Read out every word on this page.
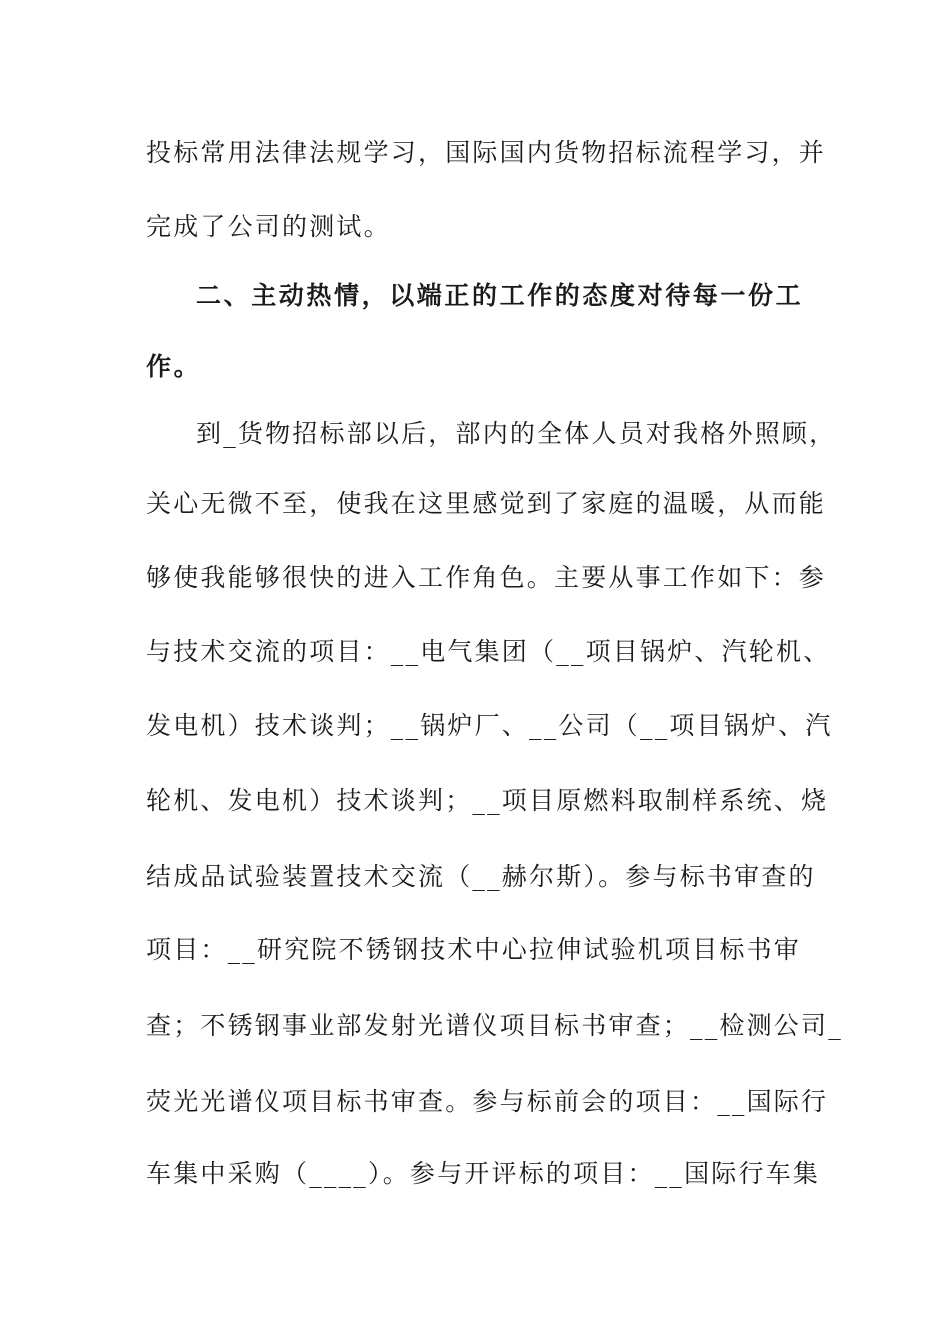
投标常用法律法规学习，国际国内货物招标流程学习，并
完成了公司的测试。
二、主动热情，以端正的工作的态度对待每一份工
作。
到_货物招标部以后，部内的全体人员对我格外照顾，
关心无微不至，使我在这里感觉到了家庭的温暖，从而能
够使我能够很快的进入工作角色。主要从事工作如下：参
与技术交流的项目：__电气集团（__项目锅炉、汽轮机、
发电机）技术谈判；__锅炉厂、__公司（__项目锅炉、汽
轮机、发电机）技术谈判；__项目原燃料取制样系统、烧
结成品试验装置技术交流（__赫尔斯）。参与标书审查的
项目：__研究院不锈钢技术中心拉伸试验机项目标书审
查；不锈钢事业部发射光谱仪项目标书审查；__检测公司_
荧光光谱仪项目标书审查。参与标前会的项目：__国际行
车集中采购（____）。参与开评标的项目：__国际行车集
